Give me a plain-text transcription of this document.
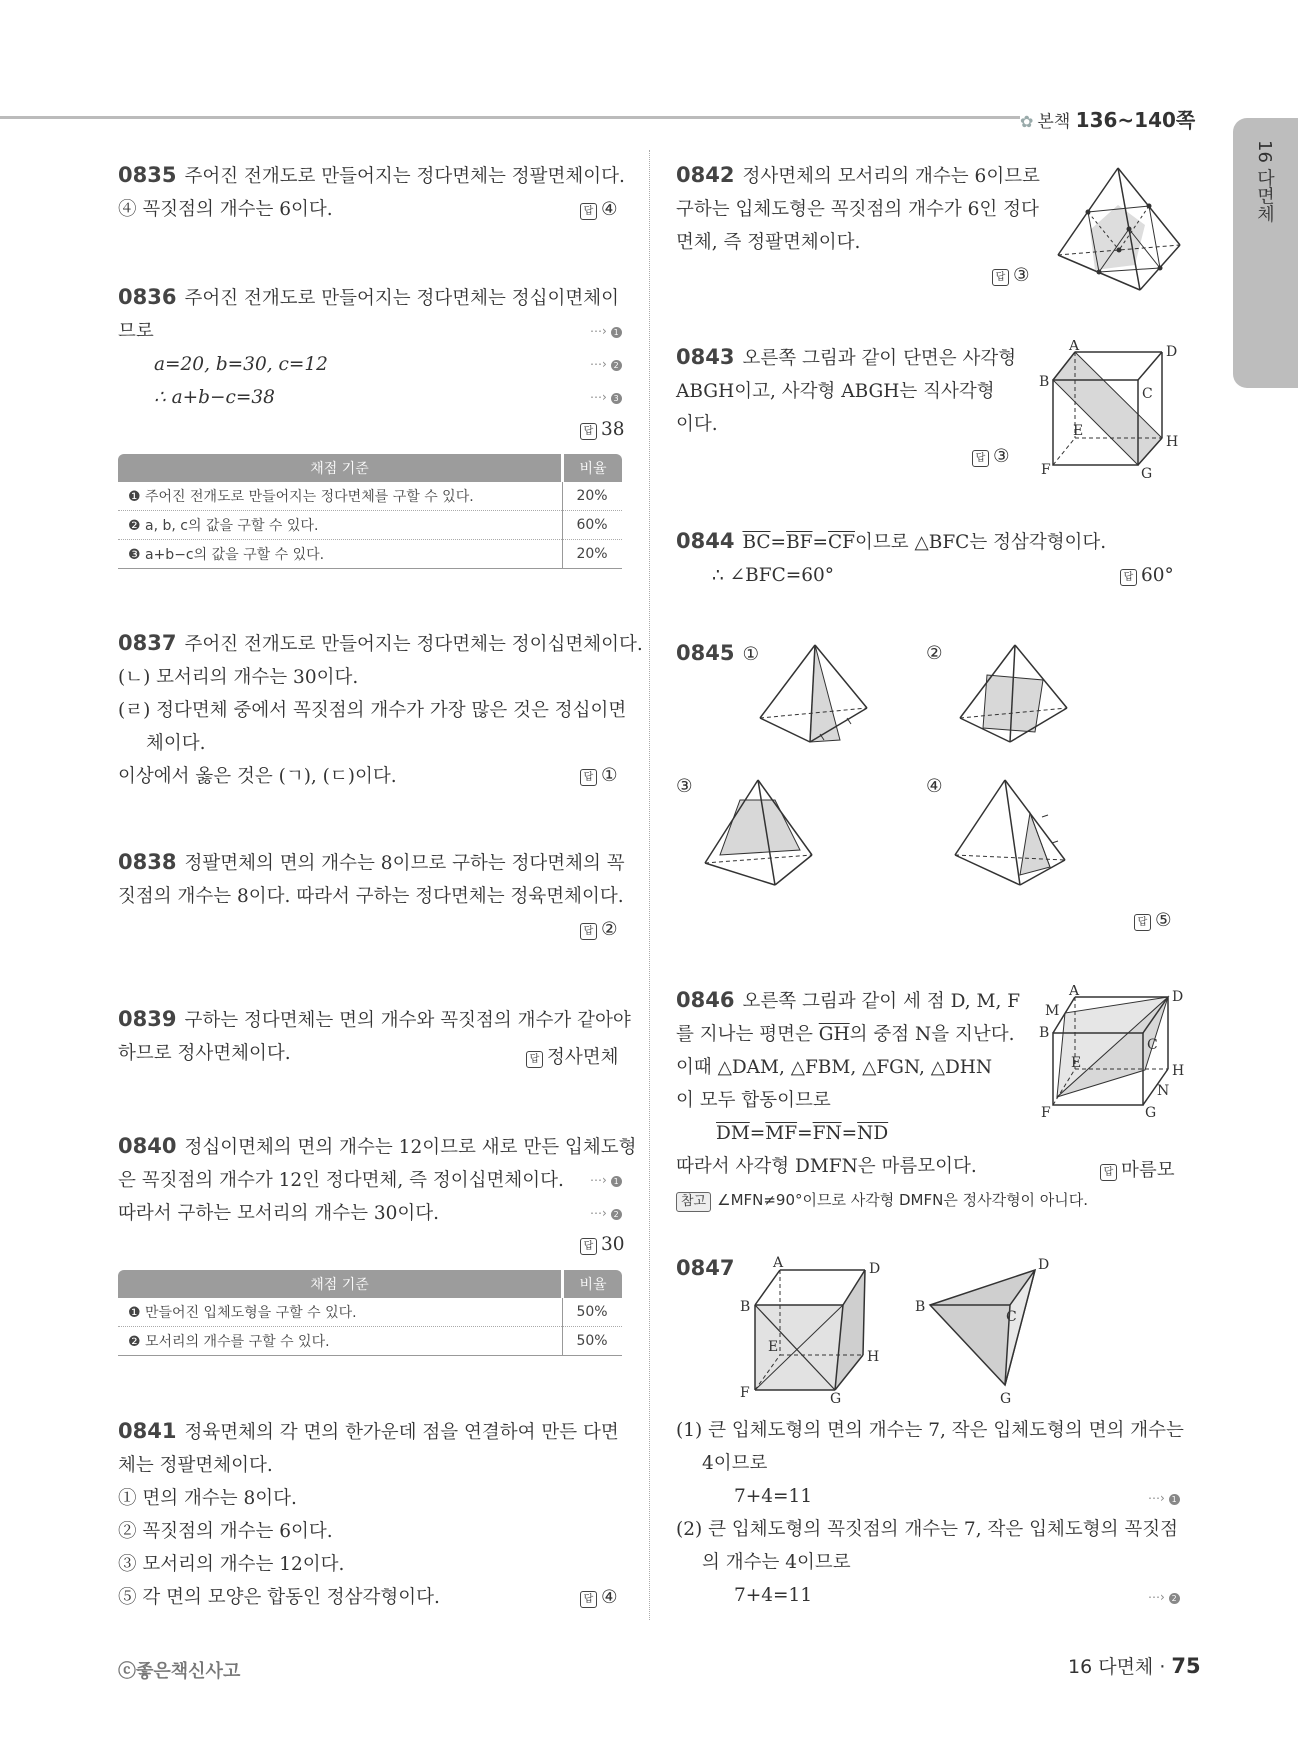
✿ 본책 136~140쪽
16 다면체
0835 주어진 전개도로 만들어지는 정다면체는 정팔면체이다.
④ 꼭짓점의 개수는 6이다.	답 ④
0836 주어진 전개도로 만들어지는 정다면체는 정십이면체이
므로
a=20, b=30, c=12
∴ a+b−c=38
⋯› 1
⋯› 2
⋯› 3
답 38
채점 기준	비율
❶ 주어진 전개도로 만들어지는 정다면체를 구할 수 있다.	20%
❷ a, b, c의 값을 구할 수 있다.	60%
❸ a+b−c의 값을 구할 수 있다.	20%
0837 주어진 전개도로 만들어지는 정다면체는 정이십면체이다.
(ㄴ) 모서리의 개수는 30이다.
(ㄹ) 정다면체 중에서 꼭짓점의 개수가 가장 많은 것은 정십이면
체이다.
이상에서 옳은 것은 (ㄱ), (ㄷ)이다.	답 ①
0838 정팔면체의 면의 개수는 8이므로 구하는 정다면체의 꼭
짓점의 개수는 8이다. 따라서 구하는 정다면체는 정육면체이다.
답 ②
0839 구하는 정다면체는 면의 개수와 꼭짓점의 개수가 같아야
하므로 정사면체이다.	답 정사면체
0840 정십이면체의 면의 개수는 12이므로 새로 만든 입체도형
은 꼭짓점의 개수가 12인 정다면체, 즉 정이십면체이다.
따라서 구하는 모서리의 개수는 30이다.
⋯› 1
⋯› 2
답 30
채점 기준	비율
❶ 만들어진 입체도형을 구할 수 있다.	50%
❷ 모서리의 개수를 구할 수 있다.	50%
0841 정육면체의 각 면의 한가운데 점을 연결하여 만든 다면
체는 정팔면체이다.
① 면의 개수는 8이다.
② 꼭짓점의 개수는 6이다.
③ 모서리의 개수는 12이다.
⑤ 각 면의 모양은 합동인 정삼각형이다.	답 ④
0842 정사면체의 모서리의 개수는 6이므로
구하는 입체도형은 꼭짓점의 개수가 6인 정다
면체, 즉 정팔면체이다.
답 ③
0843 오른쪽 그림과 같이 단면은 사각형
ABGH이고, 사각형 ABGH는 직사각형
이다.
답 ③
A	D
B
C
E
H
F	G
0844 $\overline{BC}=\overline{BF}=\overline{CF}$이므로 △BFC는 정삼각형이다.
∴ ∠BFC=60°	답 60°
0845 ①	②
③	④
답 ⑤
0846 오른쪽 그림과 같이 세 점 D, M, F
를 지나는 평면은 $\overline{GH}$의 중점 N을 지난다.
이때 △DAM, △FBM, △FGN, △DHN
이 모두 합동이므로
$\overline{DM}=\overline{MF}=\overline{FN}=\overline{ND}$
따라서 사각형 DMFN은 마름모이다.	답 마름모
참고 ∠MFN≠90°이므로 사각형 DMFN은 정사각형이 아니다.
A	D
M
B
C
E	H
N
F	G
0847	A	D
B
E
H
F	G
D
B
C
G
(1) 큰 입체도형의 면의 개수는 7, 작은 입체도형의 면의 개수는
4이므로
7+4=11
(2) 큰 입체도형의 꼭짓점의 개수는 7, 작은 입체도형의 꼭짓점
의 개수는 4이므로
7+4=11
⋯› 1
⋯› 2
ⓒ좋은책신사고	16 다면체 · 75
